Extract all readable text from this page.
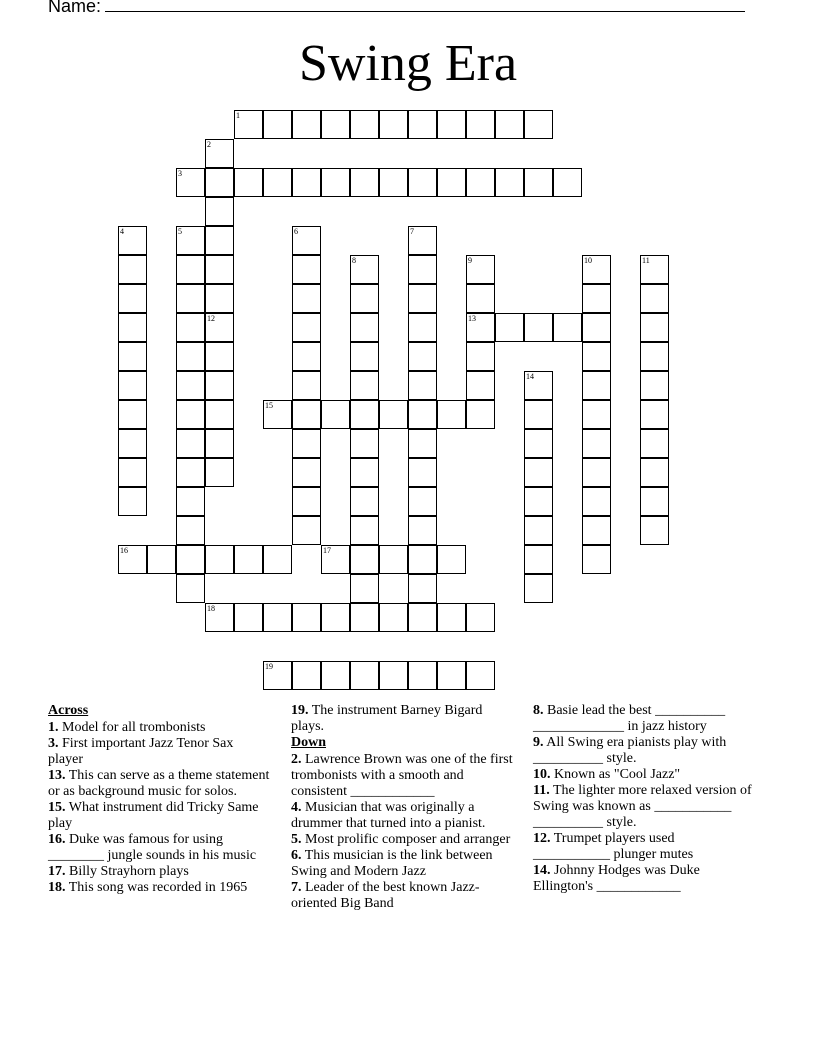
Name:
Swing Era
1
2
3
4	5	6	7
8	9
13
10	11
12
14
15
16	17
18
19
Across
1. Model for all trombonists
3. First important Jazz Tenor Sax player
13. This can serve as a theme statement or as background music for solos.
15. What instrument did Tricky Same play
16. Duke was famous for using ________ jungle sounds in his music
17. Billy Strayhorn plays
18. This song was recorded in 1965
19. The instrument Barney Bigard plays.
Down
2. Lawrence Brown was one of the first trombonists with a smooth and consistent ____________
4. Musician that was originally a drummer that turned into a pianist.
5. Most prolific composer and arranger
6. This musician is the link between Swing and Modern Jazz
7. Leader of the best known Jazz-oriented Big Band
8. Basie lead the best __________ _____________ in jazz history
9. All Swing era pianists play with __________ style.
10. Known as "Cool Jazz"
11. The lighter more relaxed version of Swing was known as ___________ __________ style.
12. Trumpet players used ___________ plunger mutes
14. Johnny Hodges was Duke Ellington's ____________
